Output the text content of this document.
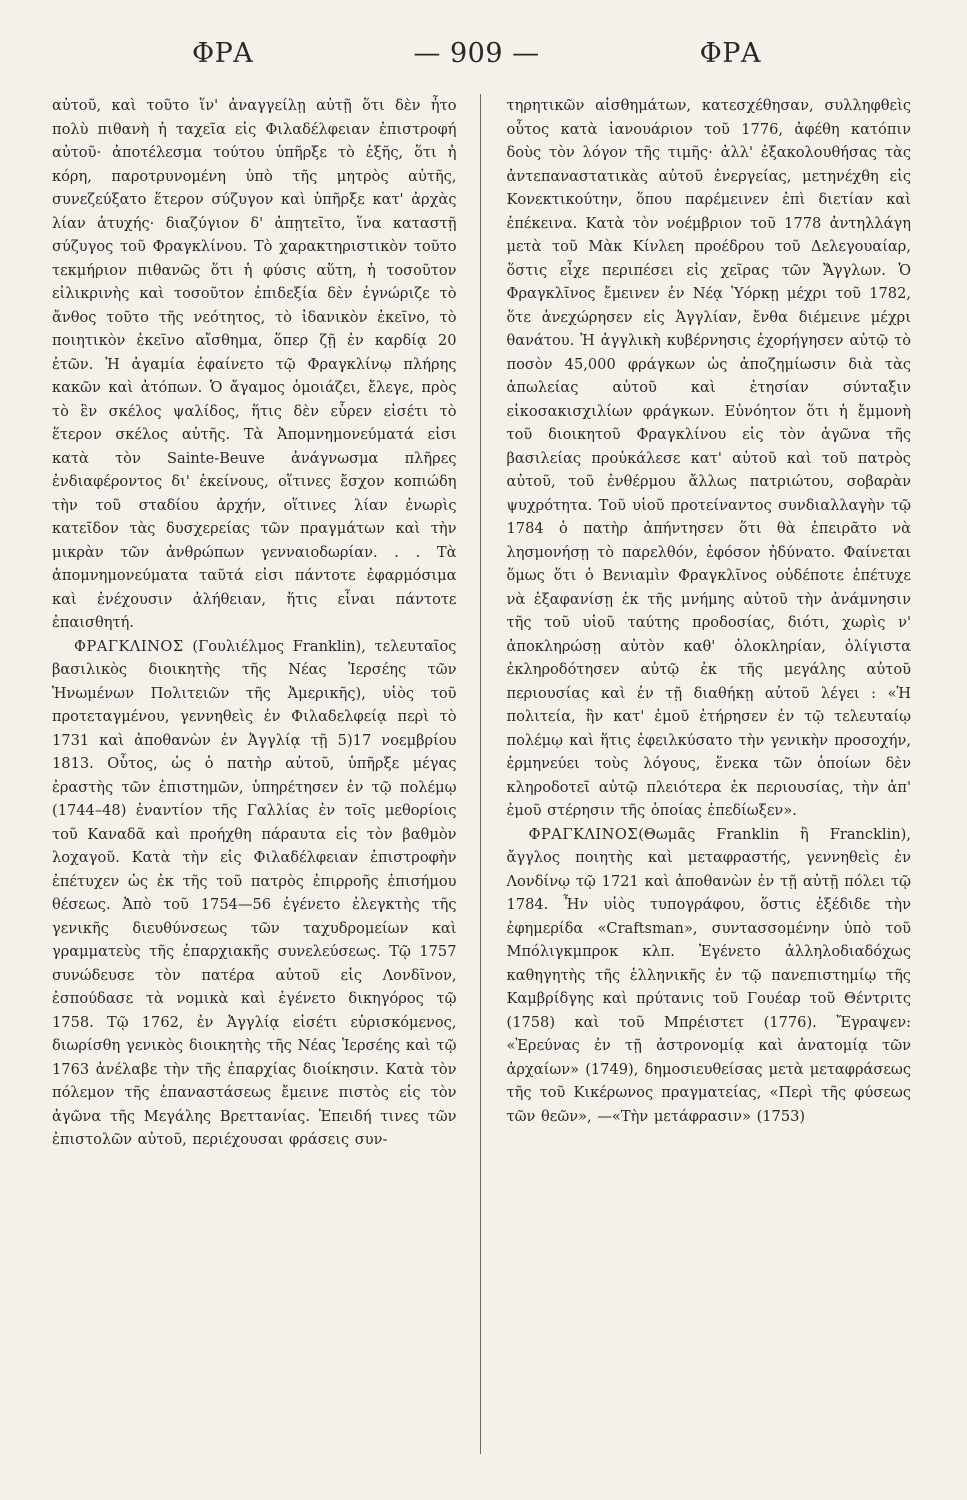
ΦΡΑ	— 909 —	ΦΡΑ

αὐτοῦ, καὶ τοῦτο ἵν' ἀναγγείλῃ αὐτῇ ὅτι δὲν ἦτο πολὺ πιθανὴ ἡ ταχεῖα εἰς Φιλαδέλφειαν ἐπιστροφή αὐτοῦ· ἀποτέλεσμα τούτου ὑπῆρξε τὸ ἑξῆς, ὅτι ἡ κόρη, παροτρυνομένη ὑπὸ τῆς μητρὸς αὐτῆς, συνεζεύξατο ἕτερον σύζυγον καὶ ὑπῆρξε κατ' ἀρχὰς λίαν ἀτυχής· διαζύγιον δ' ἀπῃτεῖτο, ἵνα καταστῇ σύζυγος τοῦ Φραγκλίνου. Τὸ χαρακτηριστικὸν τοῦτο τεκμήριον πιθανῶς ὅτι ἡ φύσις αὕτη, ἡ τοσοῦτον εἰλικρινὴς καὶ τοσοῦτον ἐπιδεξία δὲν ἐγνώριζε τὸ ἄνθος τοῦτο τῆς νεότητος, τὸ ἰδανικὸν ἐκεῖνο, τὸ ποιητικὸν ἐκεῖνο αἴσθημα, ὅπερ ζῇ ἐν καρδίᾳ 20 ἐτῶν. Ἡ ἀγαμία ἐφαίνετο τῷ Φραγκλίνῳ πλήρης κακῶν καὶ ἀτόπων. Ὁ ἄγαμος ὁμοιάζει, ἔλεγε, πρὸς τὸ ἓν σκέλος ψαλίδος, ἥτις δὲν εὗρεν εἰσέτι τὸ ἕτερον σκέλος αὐτῆς. Τὰ Ἀπομνημονεύματά εἰσι κατὰ τὸν Sainte-Beuve ἀνάγνωσμα πλῆρες ἐνδιαφέροντος δι' ἐκείνους, οἵτινες ἔσχον κοπιώδη τὴν τοῦ σταδίου ἀρχήν, οἵτινες λίαν ἐνωρὶς κατεῖδον τὰς δυσχερείας τῶν πραγμάτων καὶ τὴν μικρὰν τῶν ἀνθρώπων γενναιοδωρίαν. . . Τὰ ἀπομνημονεύματα ταῦτά εἰσι πάντοτε ἐφαρμόσιμα καὶ ἐνέχουσιν ἀλήθειαν, ἥτις εἶναι πάντοτε ἐπαισθητή.

ΦΡΑΓΚΛΙΝΟΣ (Γουλιέλμος Franklin), τελευταῖος βασιλικὸς διοικητὴς τῆς Νέας Ἱερσέης τῶν Ἡνωμένων Πολιτειῶν τῆς Ἀμερικῆς), υἱὸς τοῦ προτεταγμένου, γεννηθεὶς ἐν Φιλαδελφείᾳ περὶ τὸ 1731 καὶ ἀποθανὼν ἐν Ἀγγλίᾳ τῇ 5)17 νοεμβρίου 1813. Οὗτος, ὡς ὁ πατὴρ αὐτοῦ, ὑπῆρξε μέγας ἐραστὴς τῶν ἐπιστημῶν, ὑπηρέτησεν ἐν τῷ πολέμῳ (1744–48) ἐναντίον τῆς Γαλλίας ἐν τοῖς μεθορίοις τοῦ Καναδᾶ καὶ προήχθη πάραυτα εἰς τὸν βαθμὸν λοχαγοῦ. Κατὰ τὴν εἰς Φιλαδέλφειαν ἐπιστροφὴν ἐπέτυχεν ὡς ἐκ τῆς τοῦ πατρὸς ἐπιρροῆς ἐπισήμου θέσεως. Ἀπὸ τοῦ 1754—56 ἐγένετο ἐλεγκτὴς τῆς γενικῆς διευθύνσεως τῶν ταχυδρομείων καὶ γραμματεὺς τῆς ἐπαρχιακῆς συνελεύσεως. Τῷ 1757 συνώδευσε τὸν πατέρα αὐτοῦ εἰς Λονδῖνον, ἐσπούδασε τὰ νομικὰ καὶ ἐγένετο δικηγόρος τῷ 1758. Τῷ 1762, ἐν Ἀγγλίᾳ εἰσέτι εὑρισκόμενος, διωρίσθη γενικὸς διοικητὴς τῆς Νέας Ἱερσέης καὶ τῷ 1763 ἀνέλαβε τὴν τῆς ἐπαρχίας διοίκησιν. Κατὰ τὸν πόλεμον τῆς ἐπαναστάσεως ἔμεινε πιστὸς εἰς τὸν ἀγῶνα τῆς Μεγάλης Βρεττανίας. Ἐπειδή τινες τῶν ἐπιστολῶν αὐτοῦ, περιέχουσαι φράσεις συν-

τηρητικῶν αἰσθημάτων, κατεσχέθησαν, συλληφθεὶς οὗτος κατὰ ἰανουάριον τοῦ 1776, ἀφέθη κατόπιν δοὺς τὸν λόγον τῆς τιμῆς· ἀλλ' ἐξακολουθήσας τὰς ἀντεπαναστατικὰς αὐτοῦ ἐνεργείας, μετηνέχθη εἰς Κονεκτικούτην, ὅπου παρέμεινεν ἐπὶ διετίαν καὶ ἐπέκεινα. Κατὰ τὸν νοέμβριον τοῦ 1778 ἀντηλλάγη μετὰ τοῦ Μὰκ Κίνλεη προέδρου τοῦ Δελεγουαίαρ, ὅστις εἶχε περιπέσει εἰς χεῖρας τῶν Ἄγγλων. Ὁ Φραγκλῖνος ἔμεινεν ἐν Νέᾳ Ὑόρκῃ μέχρι τοῦ 1782, ὅτε ἀνεχώρησεν εἰς Ἀγγλίαν, ἔνθα διέμεινε μέχρι θανάτου. Ἡ ἀγγλικὴ κυβέρνησις ἐχορήγησεν αὐτῷ τὸ ποσὸν 45,000 φράγκων ὡς ἀποζημίωσιν διὰ τὰς ἀπωλείας αὐτοῦ καὶ ἐτησίαν σύνταξιν εἰκοσακισχιλίων φράγκων. Εὐνόητον ὅτι ἡ ἔμμονὴ τοῦ διοικητοῦ Φραγκλίνου εἰς τὸν ἀγῶνα τῆς βασιλείας προὐκάλεσε κατ' αὐτοῦ καὶ τοῦ πατρὸς αὐτοῦ, τοῦ ἐνθέρμου ἄλλως πατριώτου, σοβαρὰν ψυχρότητα. Τοῦ υἱοῦ προτείναντος συνδιαλλαγὴν τῷ 1784 ὁ πατὴρ ἀπήντησεν ὅτι θὰ ἐπειρᾶτο νὰ λησμονήσῃ τὸ παρελθόν, ἐφόσον ἠδύνατο. Φαίνεται ὅμως ὅτι ὁ Βενιαμὶν Φραγκλῖνος οὐδέποτε ἐπέτυχε νὰ ἐξαφανίσῃ ἐκ τῆς μνήμης αὐτοῦ τὴν ἀνάμνησιν τῆς τοῦ υἱοῦ ταύτης προδοσίας, διότι, χωρὶς ν' ἀποκληρώσῃ αὐτὸν καθ' ὁλοκληρίαν, ὀλίγιστα ἐκληροδότησεν αὐτῷ ἐκ τῆς μεγάλης αὐτοῦ περιουσίας καὶ ἐν τῇ διαθήκῃ αὐτοῦ λέγει : «Ἡ πολιτεία, ἣν κατ' ἐμοῦ ἐτήρησεν ἐν τῷ τελευταίῳ πολέμῳ καὶ ἥτις ἐφειλκύσατο τὴν γενικὴν προσοχήν, ἑρμηνεύει τοὺς λόγους, ἕνεκα τῶν ὁποίων δὲν κληροδοτεῖ αὐτῷ πλειότερα ἐκ περιουσίας, τὴν ἀπ' ἐμοῦ στέρησιν τῆς ὁποίας ἐπεδίωξεν».

ΦΡΑΓΚΛΙΝΟΣ(Θωμᾶς Franklin ἢ Francklin), ἄγγλος ποιητὴς καὶ μεταφραστής, γεννηθεὶς ἐν Λονδίνῳ τῷ 1721 καὶ ἀποθανὼν ἐν τῇ αὐτῇ πόλει τῷ 1784. Ἦν υἱὸς τυπογράφου, ὅστις ἐξέδιδε τὴν ἐφημερίδα «Craftsman», συντασσομένην ὑπὸ τοῦ Μπόλιγκμπροκ κλπ. Ἐγένετο ἀλληλοδιαδόχως καθηγητὴς τῆς ἑλληνικῆς ἐν τῷ πανεπιστημίῳ τῆς Καμβρίδγης καὶ πρύτανις τοῦ Γουέαρ τοῦ Θέντριτς (1758) καὶ τοῦ Μπρέιστετ (1776). Ἔγραψεν: «Ἐρεύνας ἐν τῇ ἀστρονομίᾳ καὶ ἀνατομίᾳ τῶν ἀρχαίων» (1749), δημοσιευθείσας μετὰ μεταφράσεως τῆς τοῦ Κικέρωνος πραγματείας, «Περὶ τῆς φύσεως τῶν θεῶν», —«Τὴν μετάφρασιν» (1753)
